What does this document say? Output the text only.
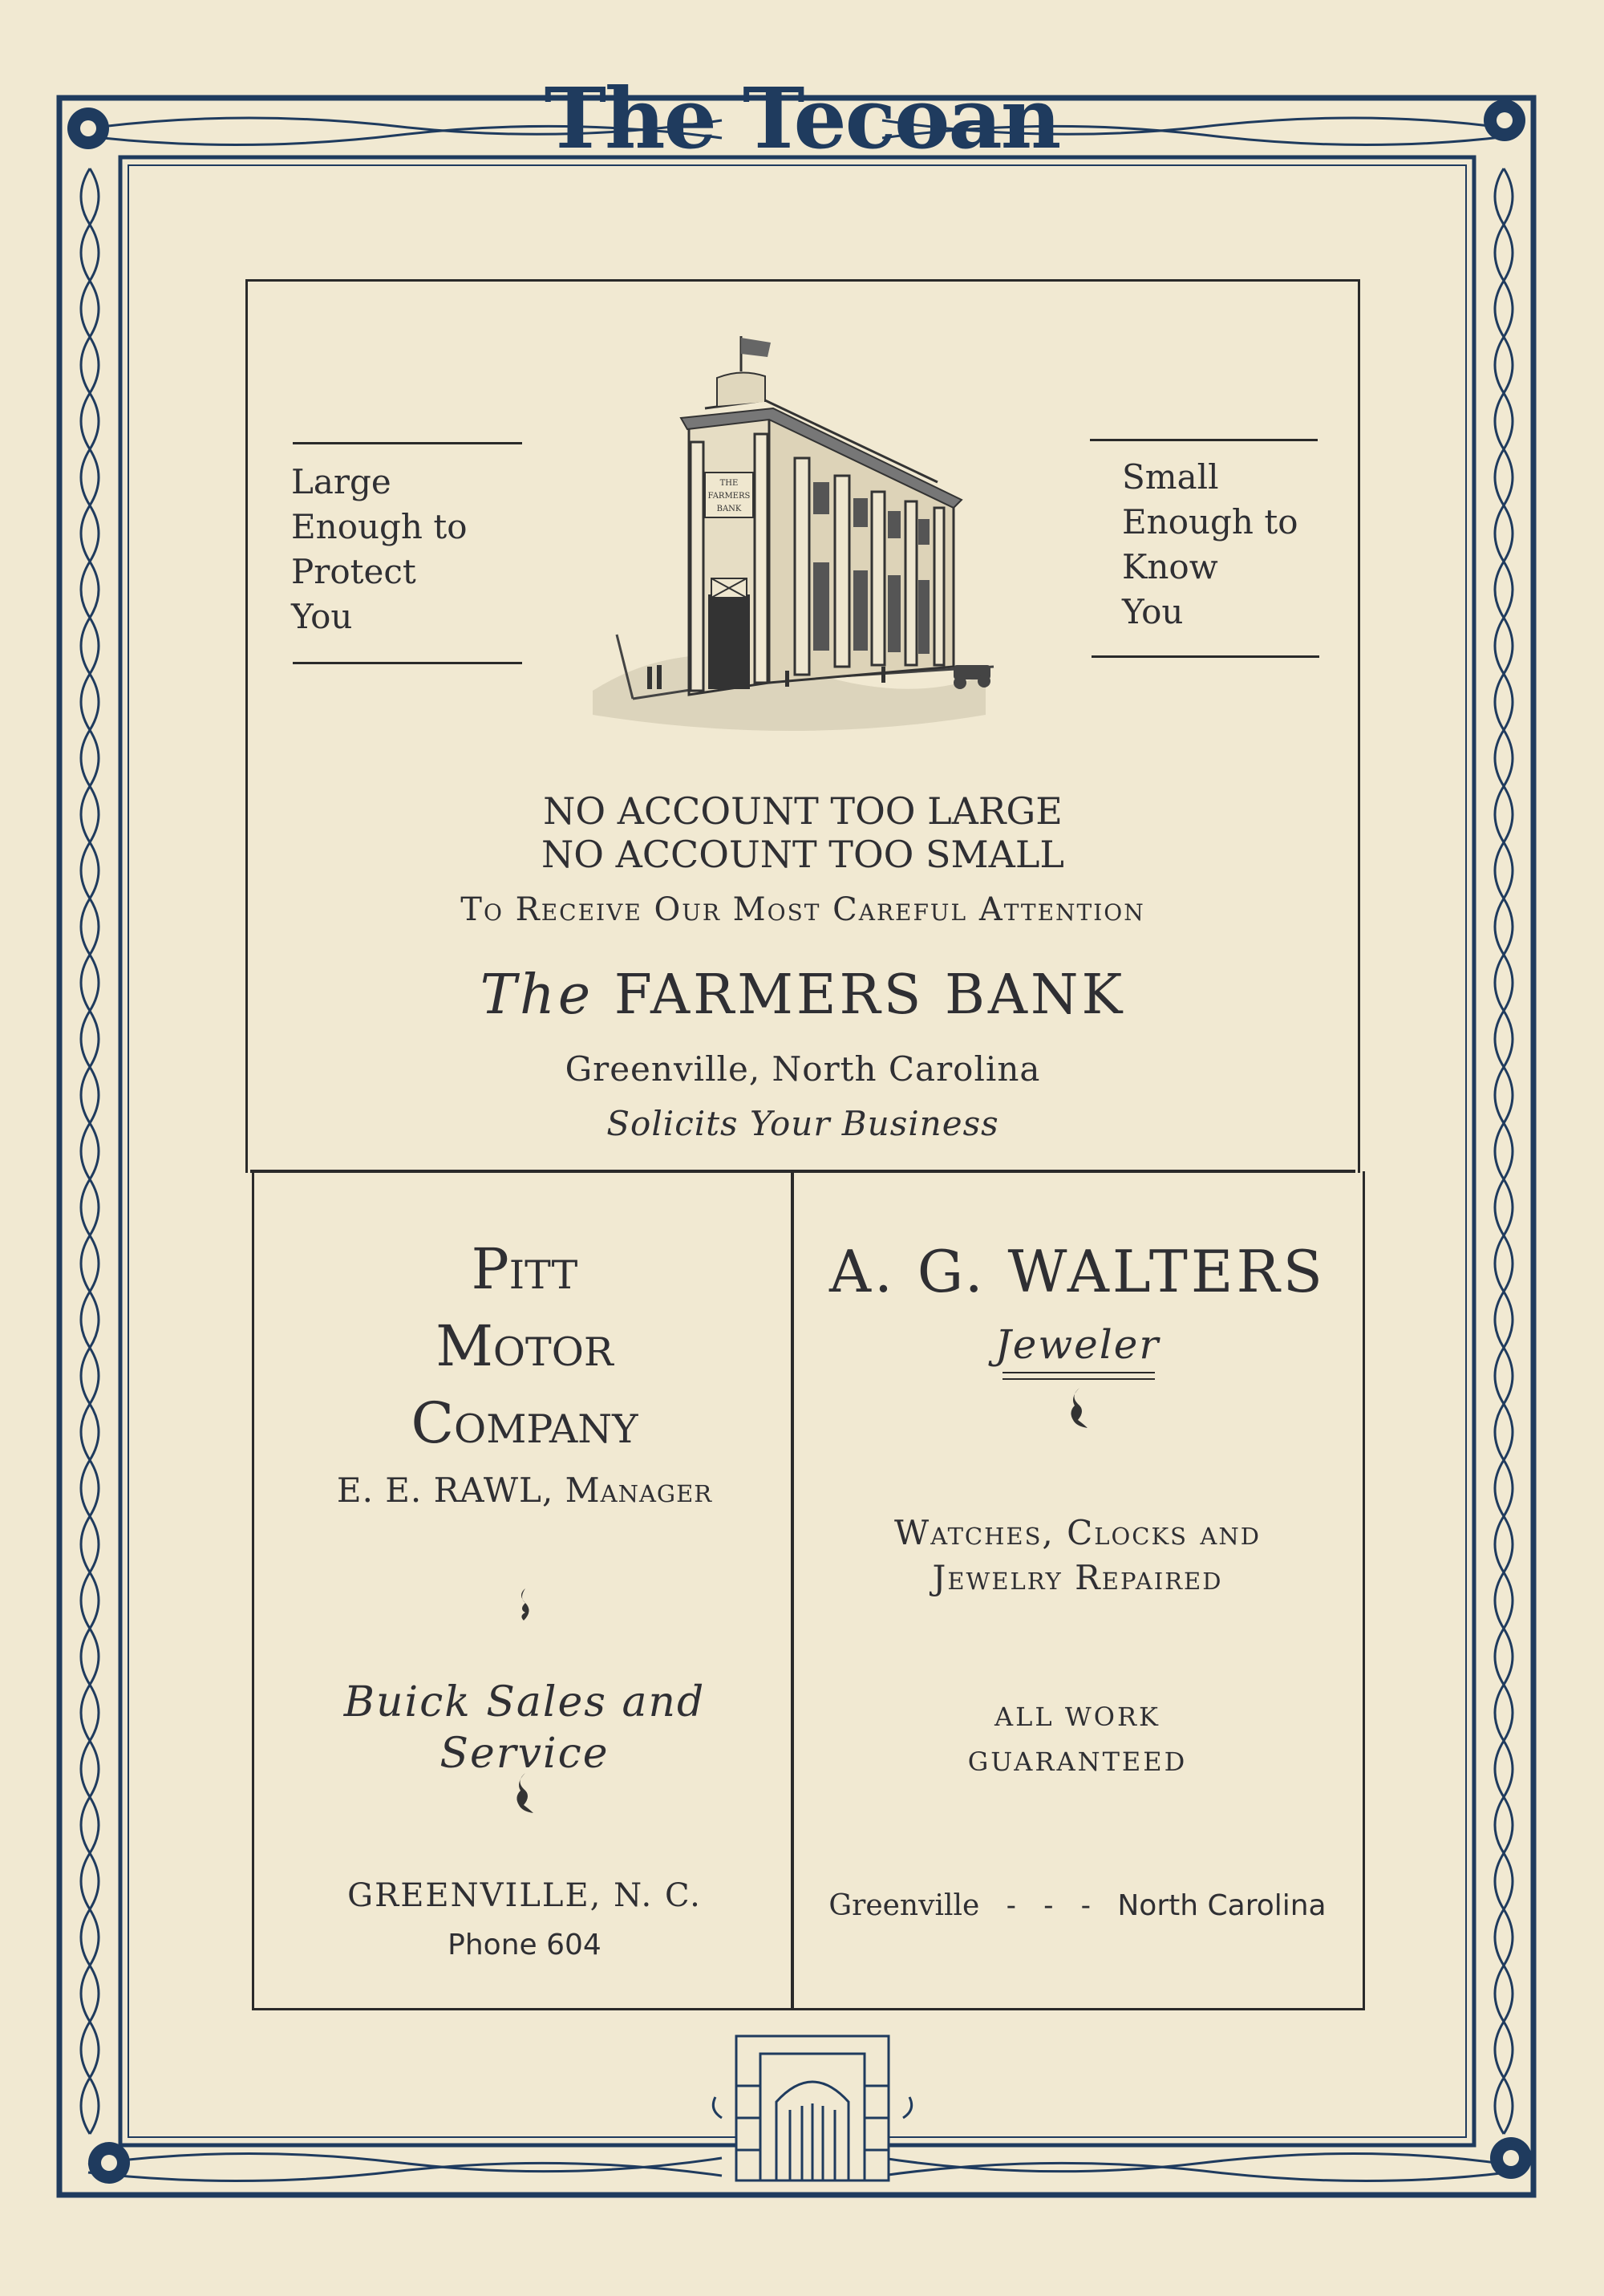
The Tecoan
Large
Enough to
Protect
You
Small
Enough to
Know
You
THE
FARMERS
BANK
NO ACCOUNT TOO LARGE
NO ACCOUNT TOO SMALL
To Receive Our Most Careful Attention
The FARMERS BANK
Greenville, North Carolina
Solicits Your Business
Pitt
Motor
Company
E. E. RAWL, Manager
Buick Sales and Service
GREENVILLE, N. C.
Phone 604
A. G. WALTERS
Jeweler
Watches, Clocks and
Jewelry Repaired
ALL WORK
GUARANTEED
Greenville -   -   - North Carolina
